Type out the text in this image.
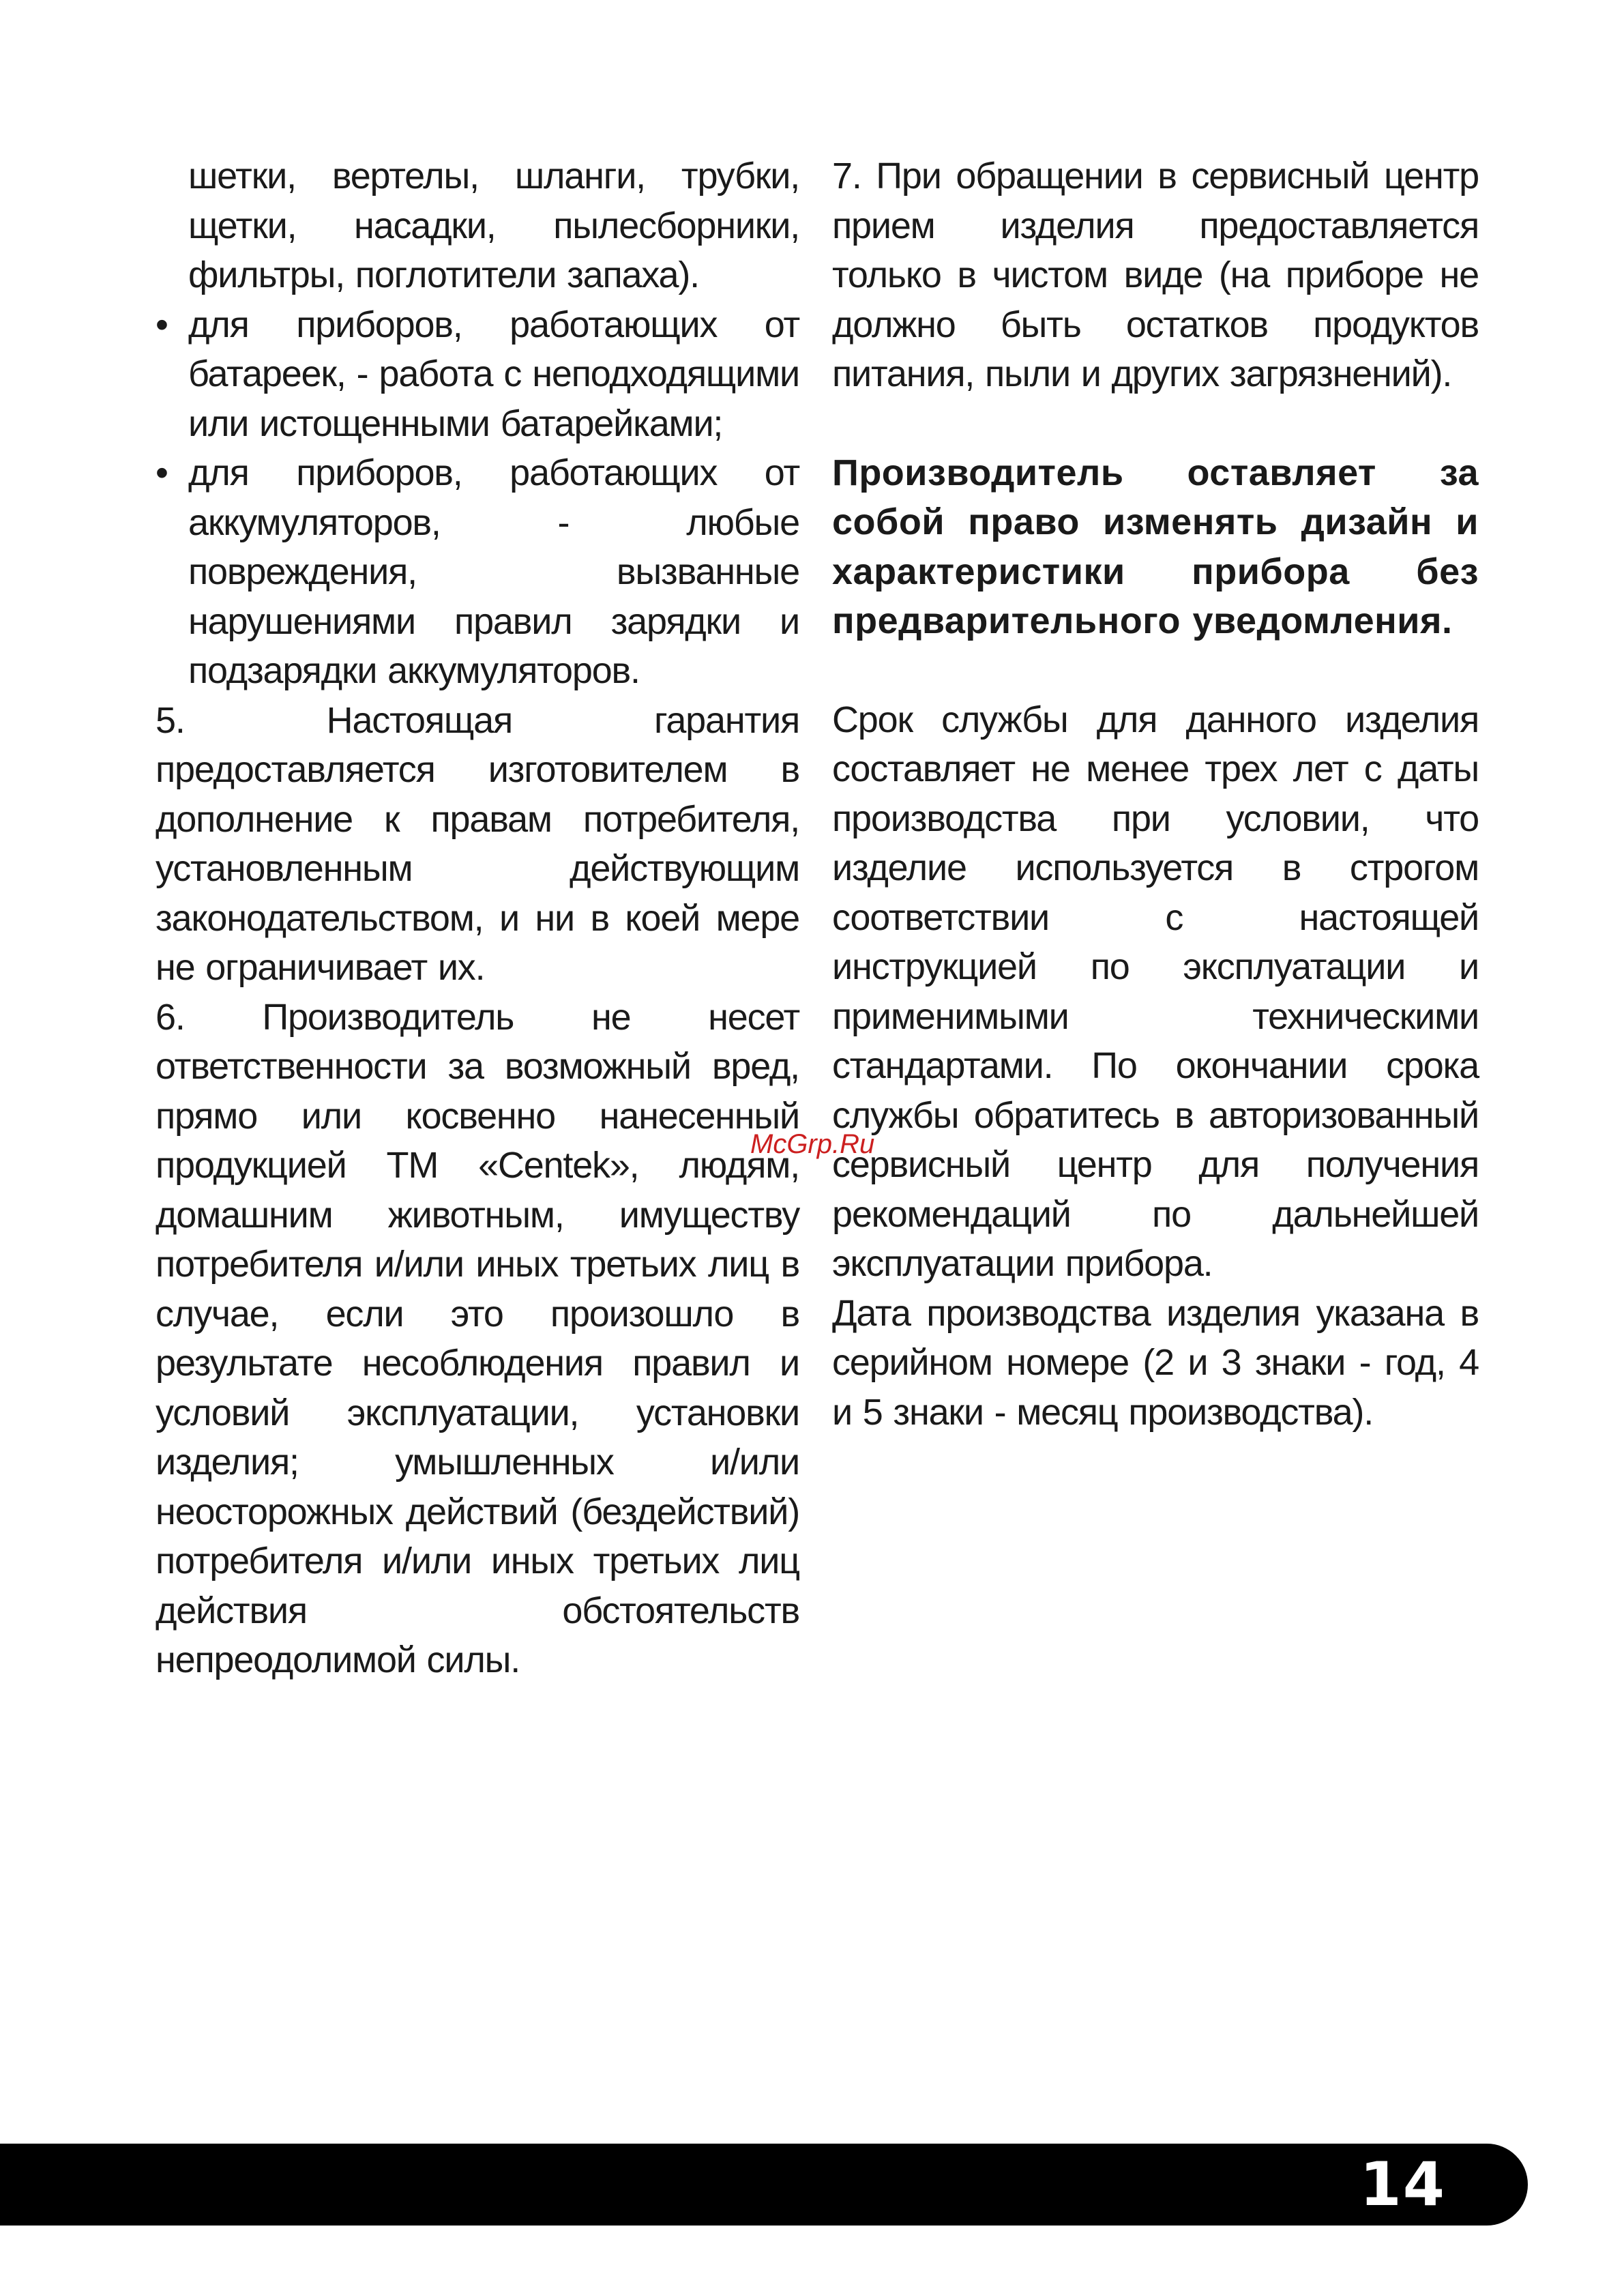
шетки, вертелы, шланги, трубки, щетки, насадки, пылесборники, фильтры, поглотители запаха).

• для приборов, работающих от батареек, - работа с неподходящими или истощенными батарейками;

• для приборов, работающих от аккумуляторов, - любые повреждения, вызванные нарушениями правил зарядки и подзарядки аккумуляторов.

5. Настоящая гарантия предоставляется изготовителем в дополнение к правам потребителя, установленным действующим законодательством, и ни в коей мере не ограничивает их.

6. Производитель не несет ответственности за возможный вред, прямо или косвенно нанесенный продукцией ТМ «Centek», людям, домашним животным, имуществу потребителя и/или иных третьих лиц в случае, если это произошло в результате несоблюдения правил и условий эксплуатации, установки изделия; умышленных и/или неосторожных действий (бездействий) потребителя и/или иных третьих лиц действия обстоятельств непреодолимой силы.

7. При обращении в сервисный центр прием изделия предоставляется только в чистом виде (на приборе не должно быть остатков продуктов питания, пыли и других загрязнений).

Производитель оставляет за собой право изменять дизайн и характеристики прибора без предварительного уведомления.

Срок службы для данного изделия составляет не менее трех лет с даты производства при условии, что изделие используется в строгом соответствии с настоящей инструкцией по эксплуатации и применимыми техническими стандартами. По окончании срока службы обратитесь в авторизованный сервисный центр для получения рекомендаций по дальнейшей эксплуатации прибора.

Дата производства изделия указана в серийном номере (2 и 3 знаки - год, 4 и 5 знаки - месяц производства).

McGrp.Ru
14
